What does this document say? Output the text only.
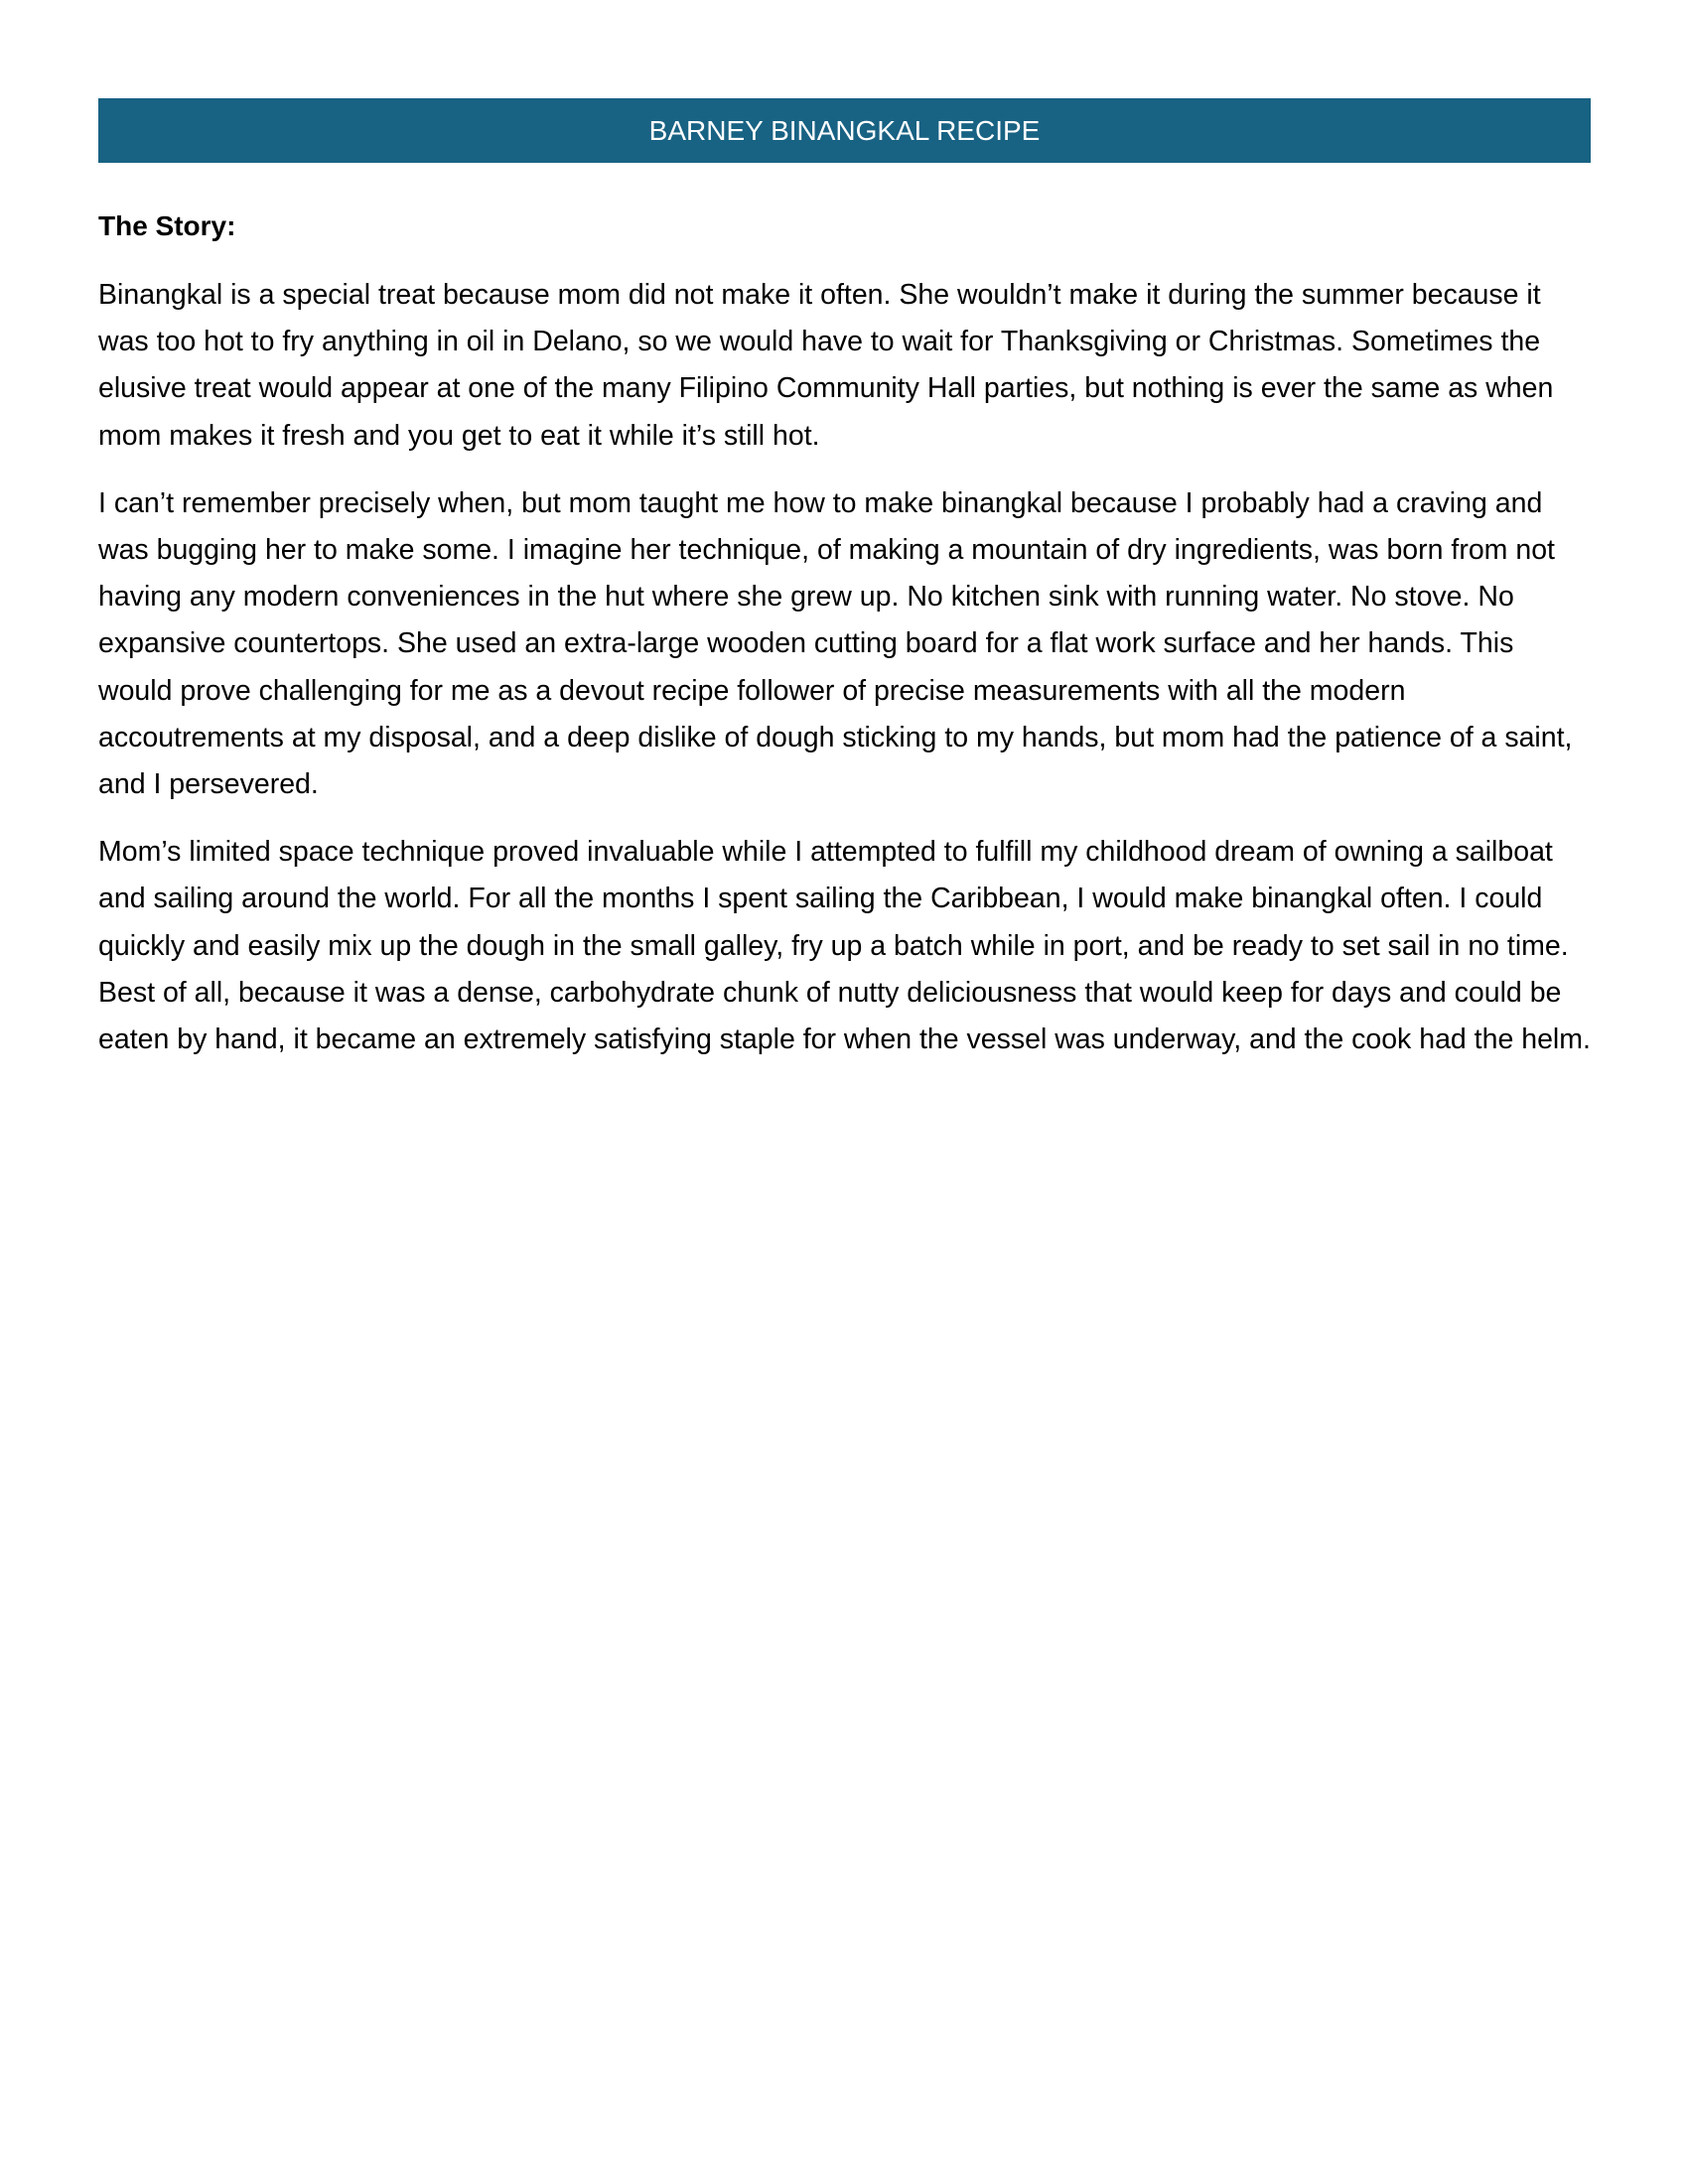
BARNEY BINANGKAL RECIPE
The Story:

Binangkal is a special treat because mom did not make it often. She wouldn’t make it during the summer because it was too hot to fry anything in oil in Delano, so we would have to wait for Thanksgiving or Christmas. Sometimes the elusive treat would appear at one of the many Filipino Community Hall parties, but nothing is ever the same as when mom makes it fresh and you get to eat it while it’s still hot.

I can’t remember precisely when, but mom taught me how to make binangkal because I probably had a craving and was bugging her to make some. I imagine her technique, of making a mountain of dry ingredients, was born from not having any modern conveniences in the hut where she grew up. No kitchen sink with running water. No stove. No expansive countertops. She used an extra-large wooden cutting board for a flat work surface and her hands. This would prove challenging for me as a devout recipe follower of precise measurements with all the modern accoutrements at my disposal, and a deep dislike of dough sticking to my hands, but mom had the patience of a saint, and I persevered.

Mom’s limited space technique proved invaluable while I attempted to fulfill my childhood dream of owning a sailboat and sailing around the world. For all the months I spent sailing the Caribbean, I would make binangkal often. I could quickly and easily mix up the dough in the small galley, fry up a batch while in port, and be ready to set sail in no time. Best of all, because it was a dense, carbohydrate chunk of nutty deliciousness that would keep for days and could be eaten by hand, it became an extremely satisfying staple for when the vessel was underway, and the cook had the helm.
